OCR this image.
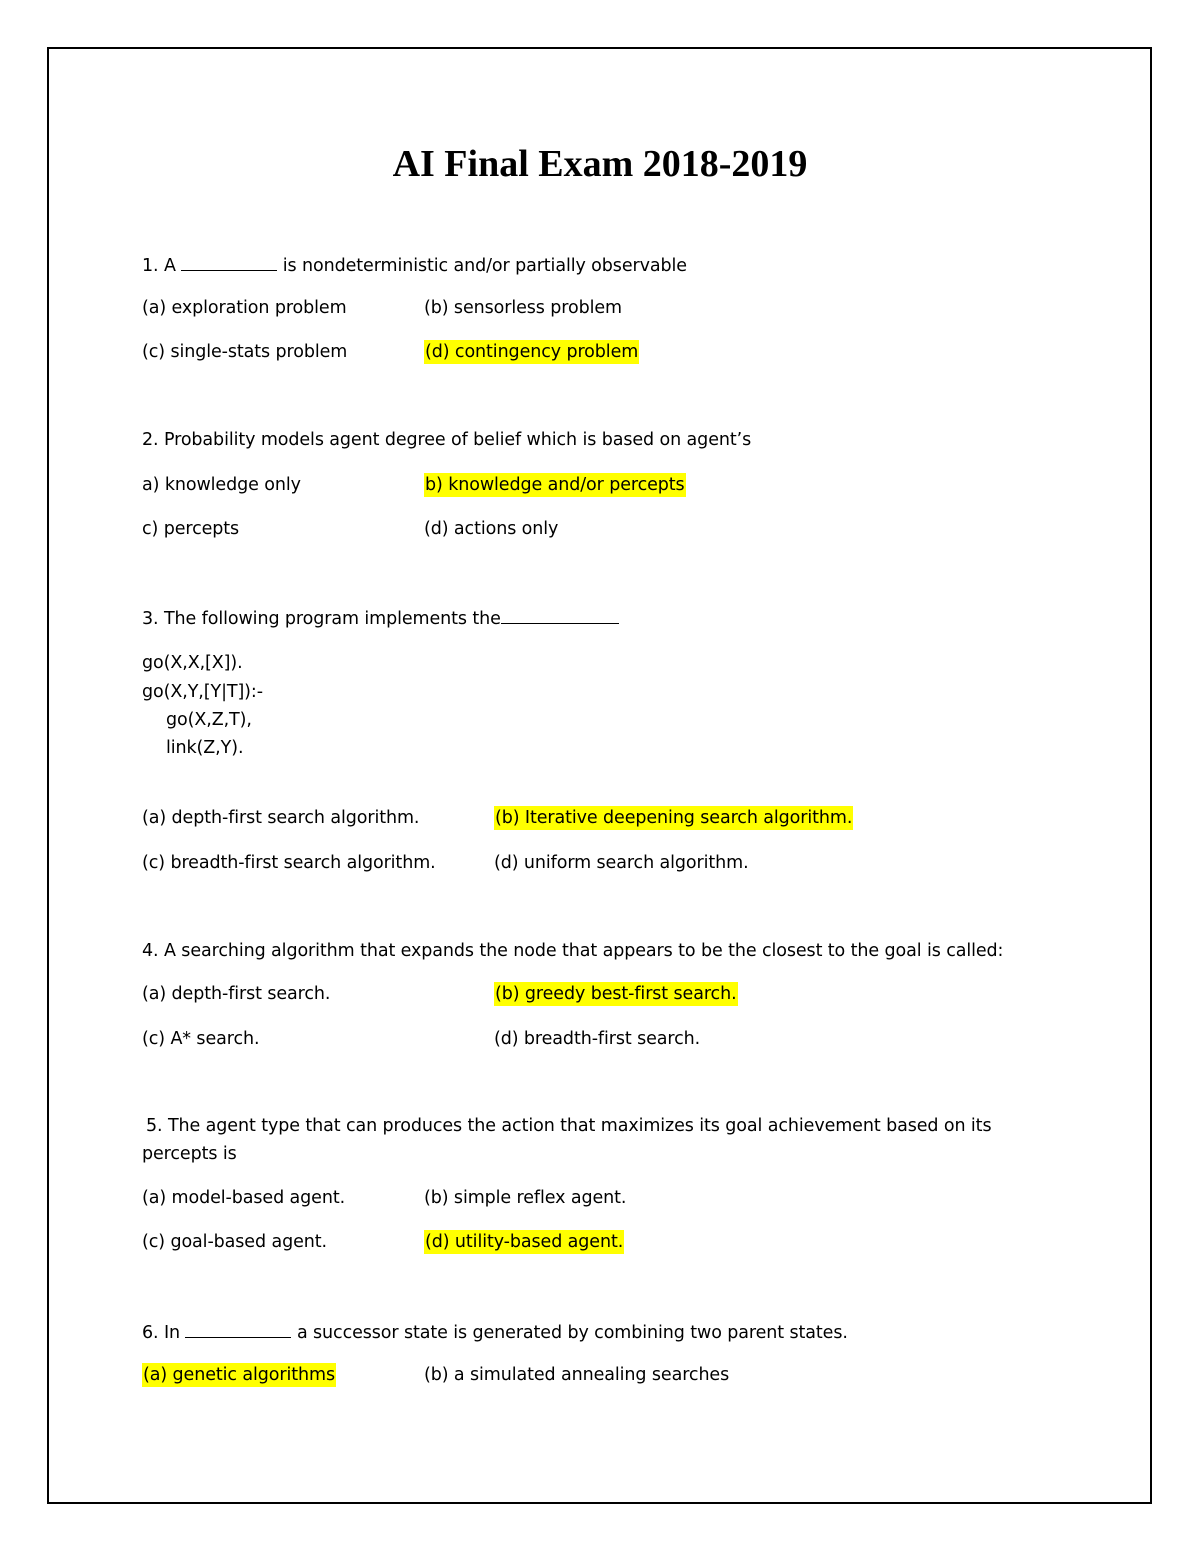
AI Final Exam 2018-2019
1. A	is nondeterministic and/or partially observable
(a) exploration problem	(b) sensorless problem
(c) single-stats problem	(d) contingency problem
2. Probability models agent degree of belief which is based on agent’s
a) knowledge only	b) knowledge and/or percepts
c) percepts	(d) actions only
3. The following program implements the
go(X,X,[X]).
go(X,Y,[Y|T]):-
go(X,Z,T),
link(Z,Y).
(a) depth-first search algorithm.	(b) Iterative deepening search algorithm.
(c) breadth-first search algorithm.	(d) uniform search algorithm.
4. A searching algorithm that expands the node that appears to be the closest to the goal is called:
(a) depth-first search.	(b) greedy best-first search.
(c) A* search.	(d) breadth-first search.
5. The agent type that can produces the action that maximizes its goal achievement based on its
percepts is
(a) model-based agent.	(b) simple reflex agent.
(c) goal-based agent.	(d) utility-based agent.
6. In	a successor state is generated by combining two parent states.
(a) genetic algorithms	(b) a simulated annealing searches
